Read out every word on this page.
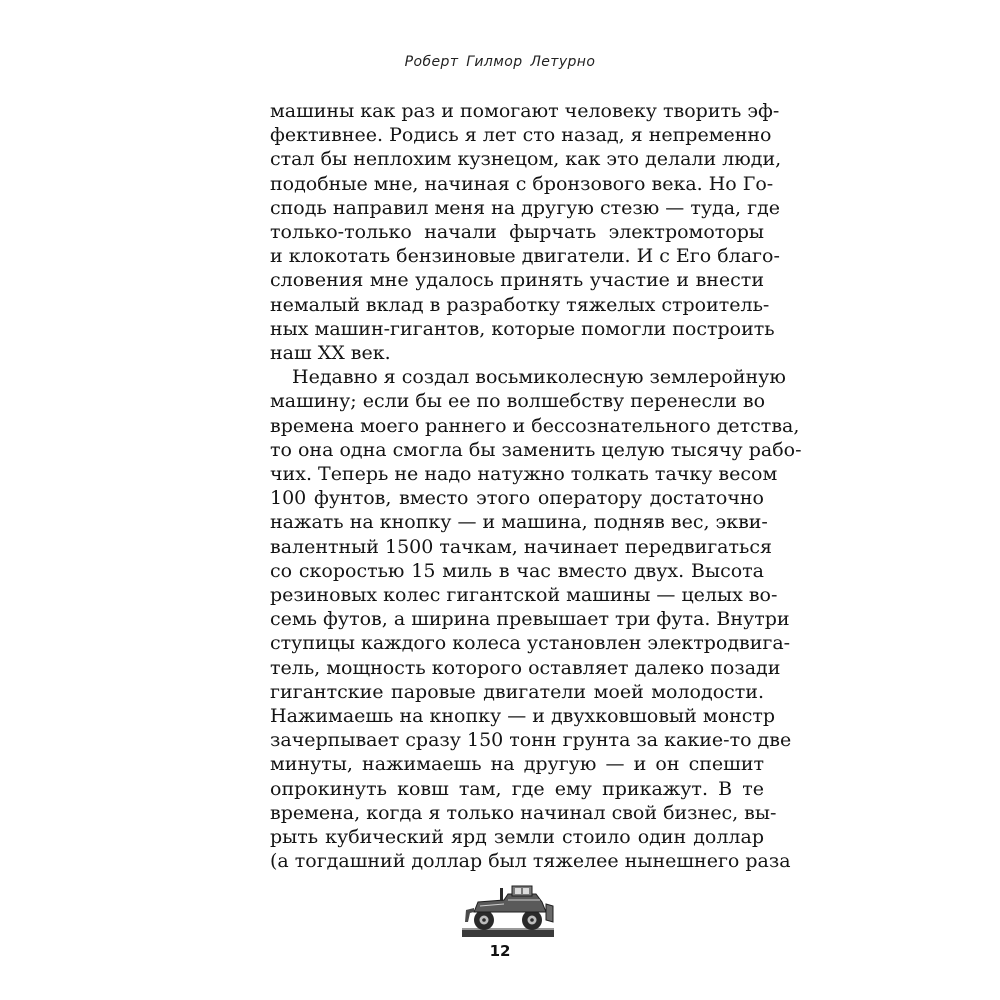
Роберт Гилмор Летурно
машины как раз и помогают человеку творить эф-
фективнее. Родись я лет сто назад, я непременно
стал бы неплохим кузнецом, как это делали люди,
подобные мне, начиная с бронзового века. Но Го-
сподь направил меня на другую стезю — туда, где
только-только начали фырчать электромоторы
и клокотать бензиновые двигатели. И с Его благо-
словения мне удалось принять участие и внести
немалый вклад в разработку тяжелых строитель-
ных машин-гигантов, которые помогли построить
наш XX век.
Недавно я создал восьмиколесную землеройную
машину; если бы ее по волшебству перенесли во
времена моего раннего и бессознательного детства,
то она одна смогла бы заменить целую тысячу рабо-
чих. Теперь не надо натужно толкать тачку весом
100 фунтов, вместо этого оператору достаточно
нажать на кнопку — и машина, подняв вес, экви-
валентный 1500 тачкам, начинает передвигаться
со скоростью 15 миль в час вместо двух. Высота
резиновых колес гигантской машины — целых во-
семь футов, а ширина превышает три фута. Внутри
ступицы каждого колеса установлен электродвига-
тель, мощность которого оставляет далеко позади
гигантские паровые двигатели моей молодости.
Нажимаешь на кнопку — и двухковшовый монстр
зачерпывает сразу 150 тонн грунта за какие-то две
минуты, нажимаешь на другую — и он спешит
опрокинуть ковш там, где ему прикажут. В те
времена, когда я только начинал свой бизнес, вы-
рыть кубический ярд земли стоило один доллар
(а тогдашний доллар был тяжелее нынешнего раза
12
